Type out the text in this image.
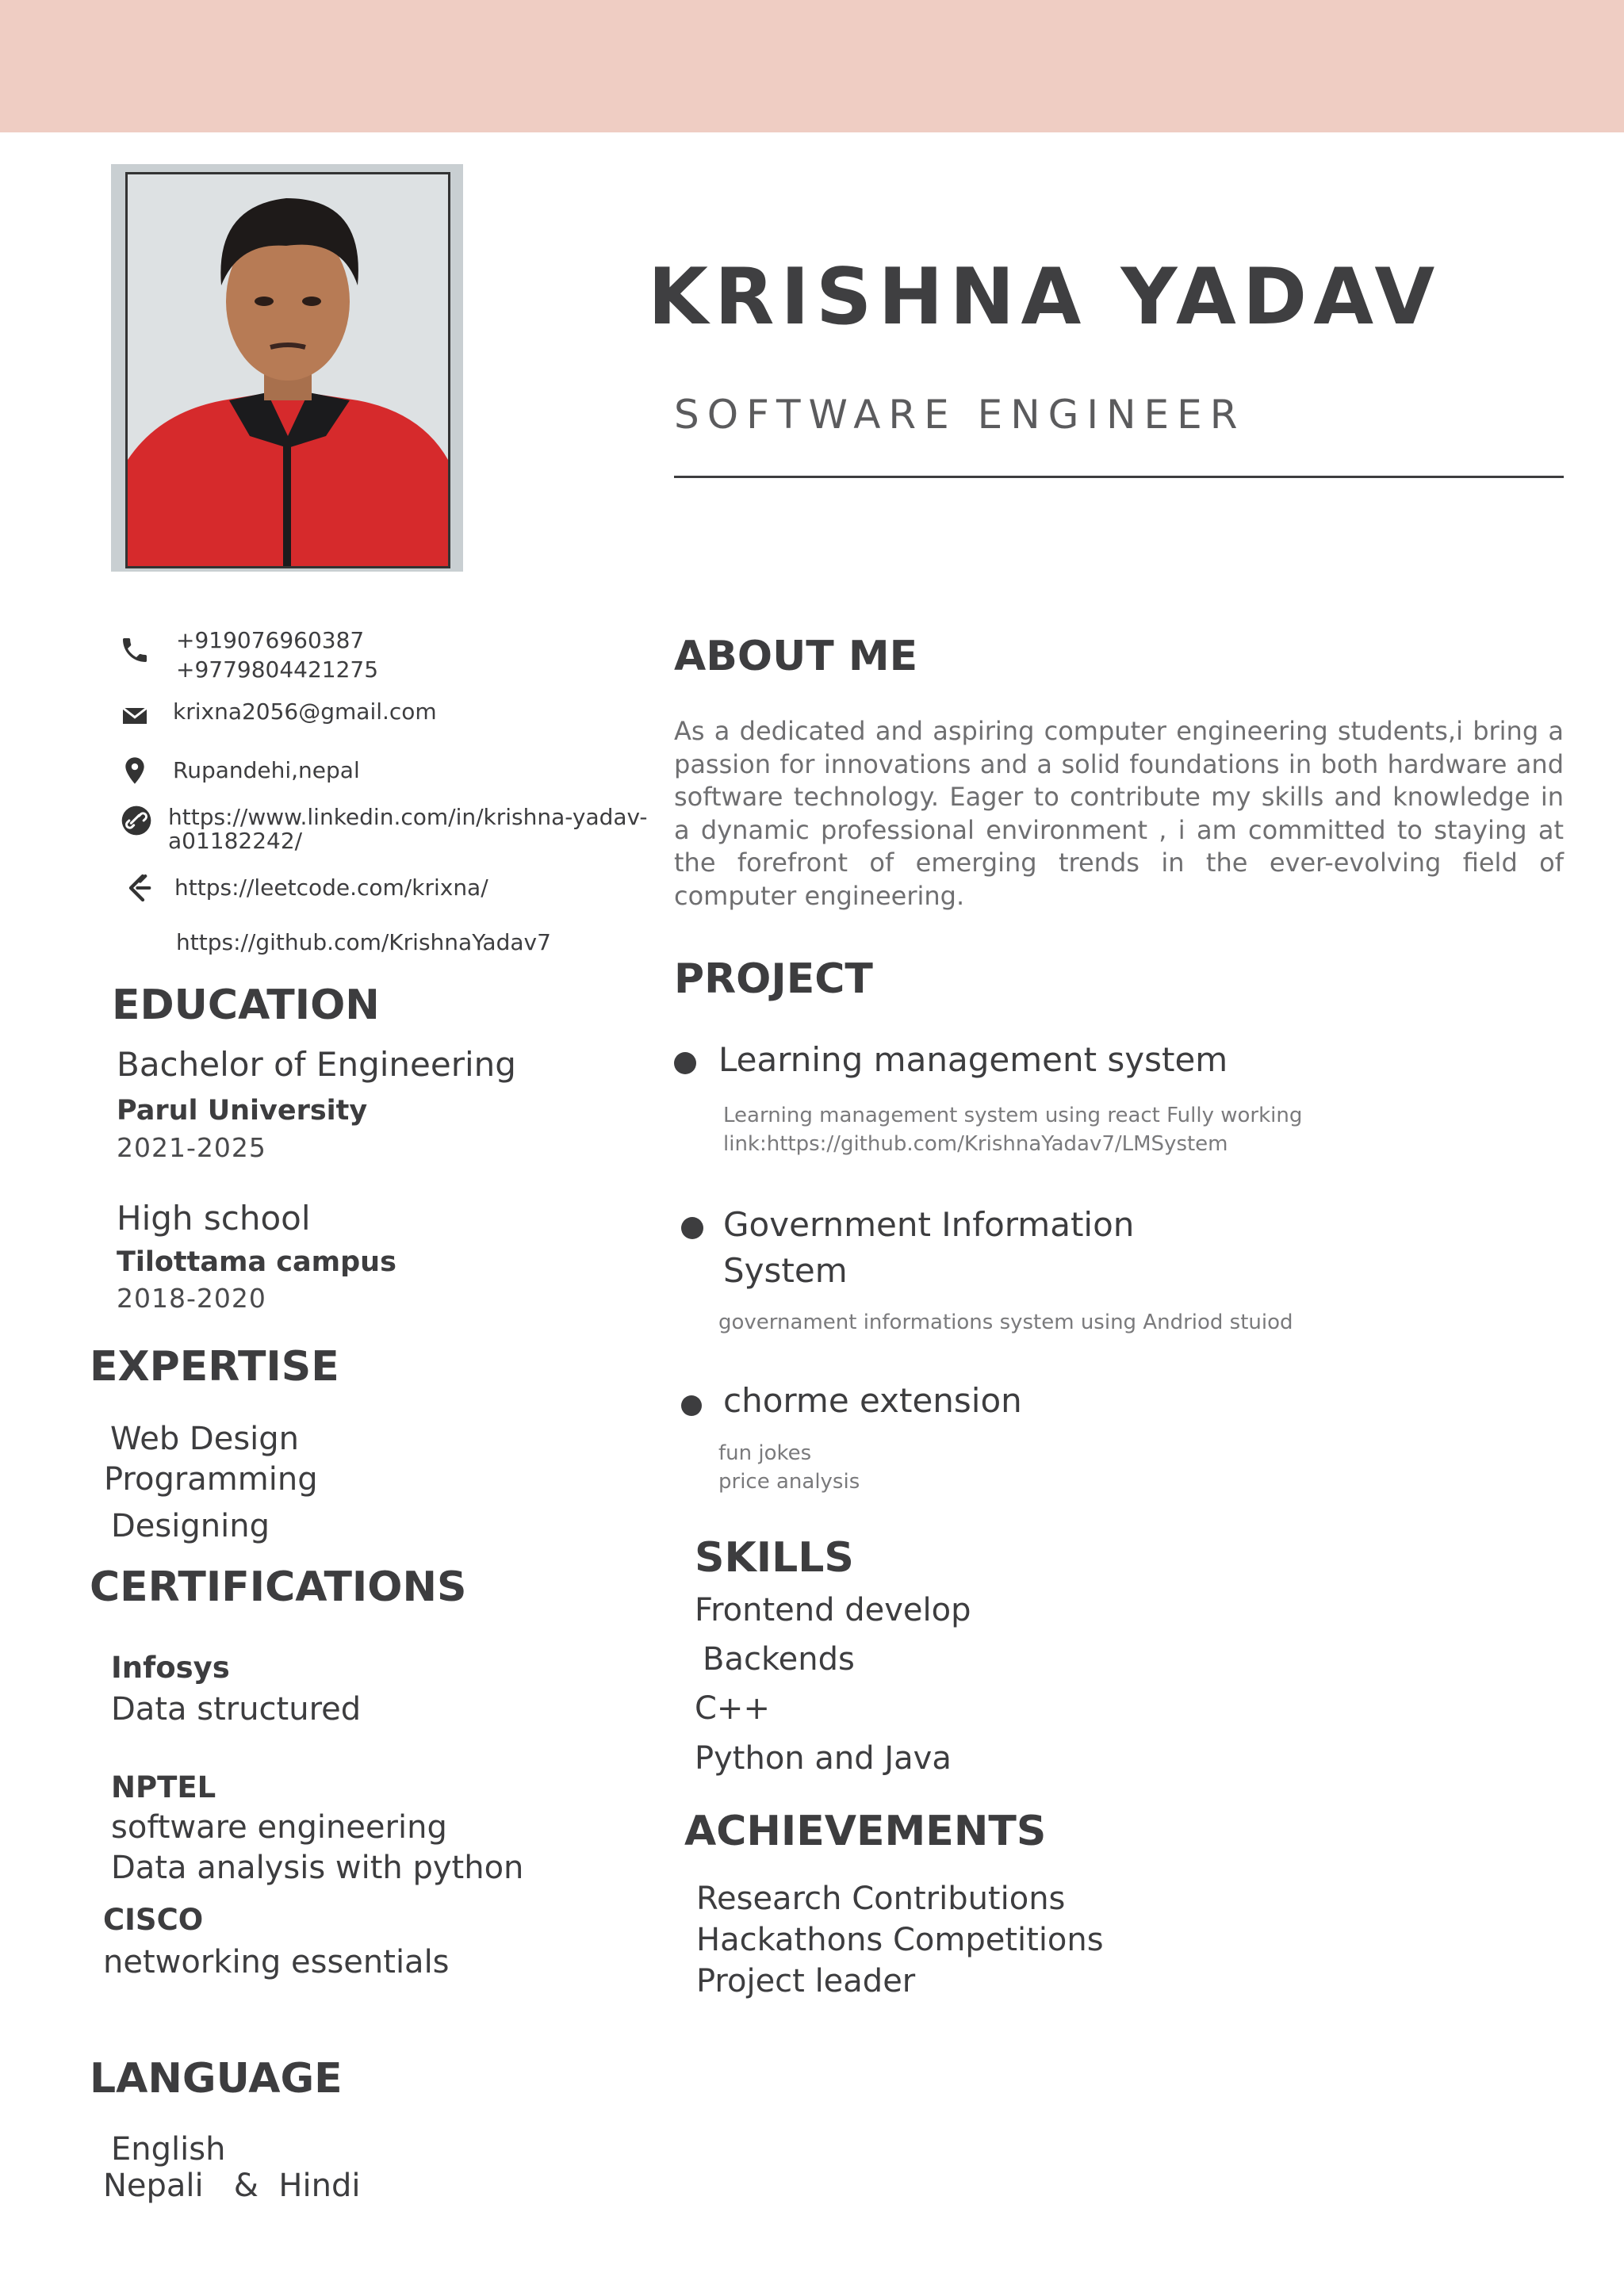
KRISHNA YADAV
SOFTWARE ENGINEER
+919076960387
+9779804421275
krixna2056@gmail.com
Rupandehi,nepal
https://www.linkedin.com/in/krishna-yadav-
a01182242/
https://leetcode.com/krixna/
https://github.com/KrishnaYadav7
EDUCATION
Bachelor of Engineering
Parul University
2021-2025
High school
Tilottama campus
2018-2020
EXPERTISE
Web Design
Programming
Designing
CERTIFICATIONS
Infosys
Data structured
NPTEL
software engineering
Data analysis with python
CISCO
networking essentials
LANGUAGE
English
Nepali   &  Hindi
ABOUT ME
As a dedicated and aspiring computer engineering students,i bring a passion for innovations and a solid foundations in both hardware and software technology. Eager to contribute my skills and knowledge in a dynamic professional environment , i am committed to staying at the forefront of emerging trends in the ever-evolving field of computer engineering.
PROJECT
Learning management system
Learning management system using react Fully working
link:https://github.com/KrishnaYadav7/LMSystem
Government Information
System
governament informations system using Andriod stuiod
chorme extension
fun jokes
price analysis
SKILLS
Frontend develop
Backends
C++
Python and Java
ACHIEVEMENTS
Research Contributions
Hackathons Competitions
Project leader
